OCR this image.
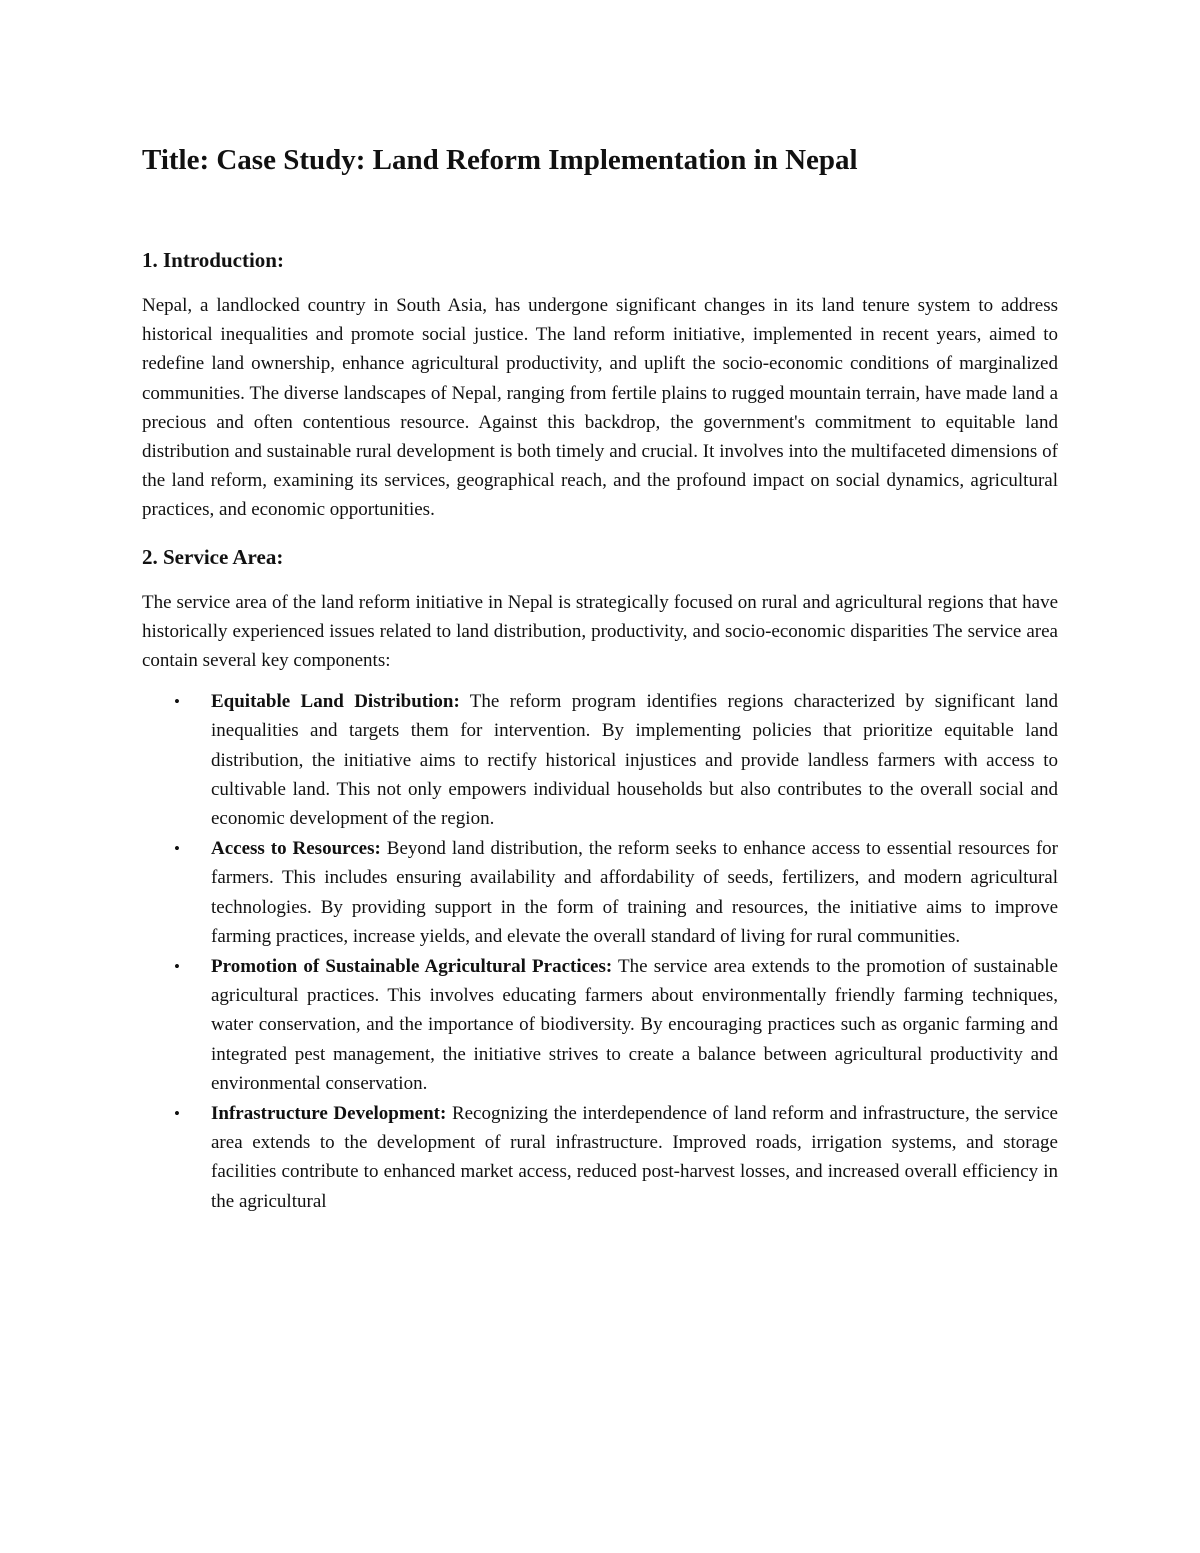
Title: Case Study: Land Reform Implementation in Nepal
1. Introduction:

Nepal, a landlocked country in South Asia, has undergone significant changes in its land tenure system to address historical inequalities and promote social justice. The land reform initiative, implemented in recent years, aimed to redefine land ownership, enhance agricultural productivity, and uplift the socio-economic conditions of marginalized communities. The diverse landscapes of Nepal, ranging from fertile plains to rugged mountain terrain, have made land a precious and often contentious resource. Against this backdrop, the government's commitment to equitable land distribution and sustainable rural development is both timely and crucial. It involves into the multifaceted dimensions of the land reform, examining its services, geographical reach, and the profound impact on social dynamics, agricultural practices, and economic opportunities.

2. Service Area:

The service area of the land reform initiative in Nepal is strategically focused on rural and agricultural regions that have historically experienced issues related to land distribution, productivity, and socio-economic disparities The service area contain several key components:

• Equitable Land Distribution: The reform program identifies regions characterized by significant land inequalities and targets them for intervention. By implementing policies that prioritize equitable land distribution, the initiative aims to rectify historical injustices and provide landless farmers with access to cultivable land. This not only empowers individual households but also contributes to the overall social and economic development of the region.
• Access to Resources: Beyond land distribution, the reform seeks to enhance access to essential resources for farmers. This includes ensuring availability and affordability of seeds, fertilizers, and modern agricultural technologies. By providing support in the form of training and resources, the initiative aims to improve farming practices, increase yields, and elevate the overall standard of living for rural communities.
• Promotion of Sustainable Agricultural Practices: The service area extends to the promotion of sustainable agricultural practices. This involves educating farmers about environmentally friendly farming techniques, water conservation, and the importance of biodiversity. By encouraging practices such as organic farming and integrated pest management, the initiative strives to create a balance between agricultural productivity and environmental conservation.
• Infrastructure Development: Recognizing the interdependence of land reform and infrastructure, the service area extends to the development of rural infrastructure. Improved roads, irrigation systems, and storage facilities contribute to enhanced market access, reduced post-harvest losses, and increased overall efficiency in the agricultural
